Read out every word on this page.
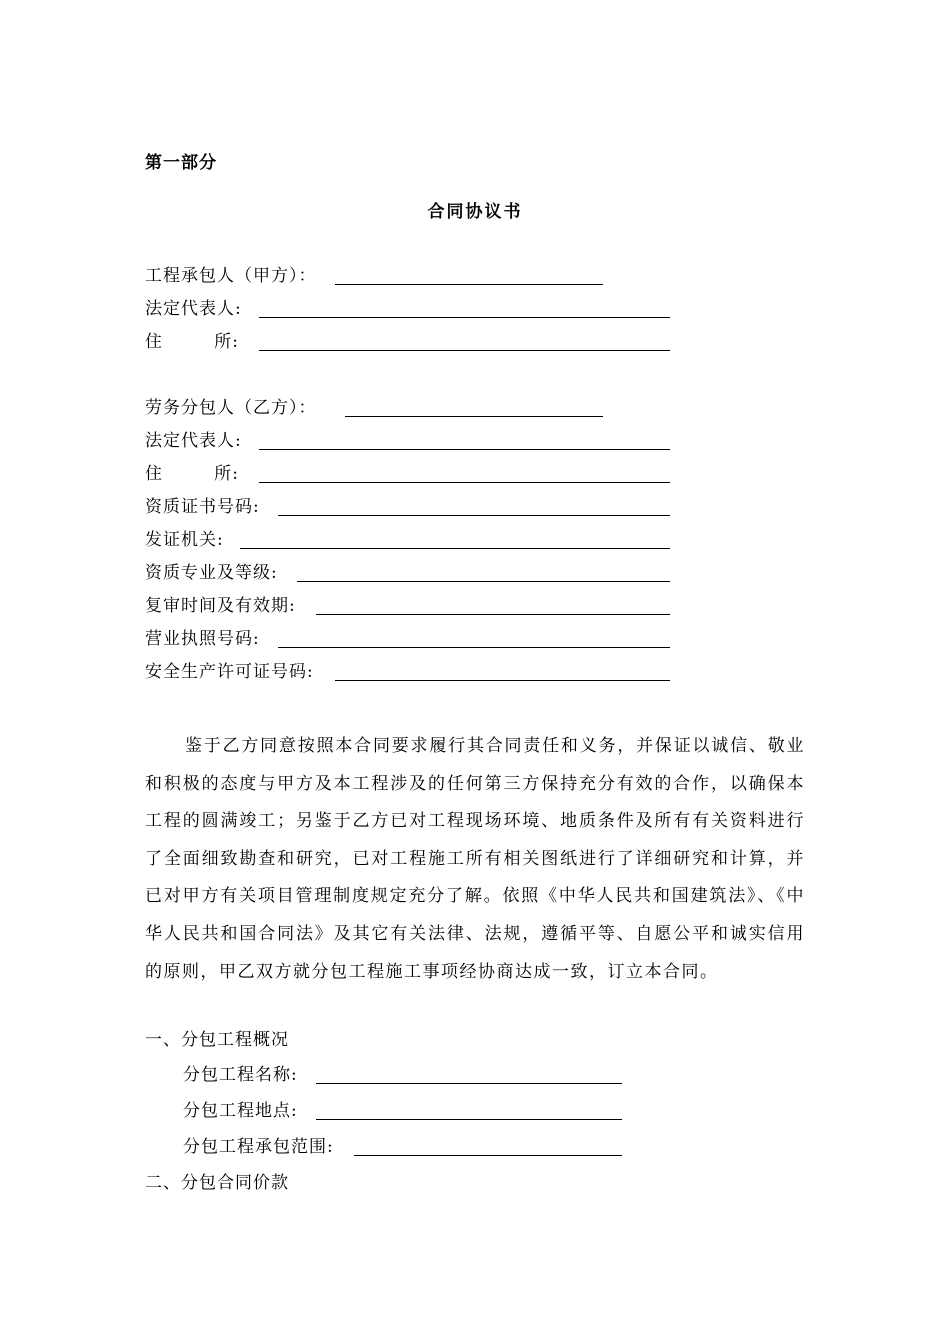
第一部分
合同协议书
工程承包人（甲方）：
法定代表人:
住        所:
劳务分包人（乙方）：
法定代表人:
住        所:
资质证书号码:
发证机关:
资质专业及等级:
复审时间及有效期:
营业执照号码:
安全生产许可证号码:

鉴于乙方同意按照本合同要求履行其合同责任和义务，并保证以诚信、敬业和积极的态度与甲方及本工程涉及的任何第三方保持充分有效的合作，以确保本工程的圆满竣工；另鉴于乙方已对工程现场环境、地质条件及所有有关资料进行了全面细致勘查和研究，已对工程施工所有相关图纸进行了详细研究和计算，并已对甲方有关项目管理制度规定充分了解。依照《中华人民共和国建筑法》、《中华人民共和国合同法》及其它有关法律、法规，遵循平等、自愿公平和诚实信用的原则，甲乙双方就分包工程施工事项经协商达成一致，订立本合同。

一、分包工程概况
分包工程名称:
分包工程地点:
分包工程承包范围:
二、分包合同价款
